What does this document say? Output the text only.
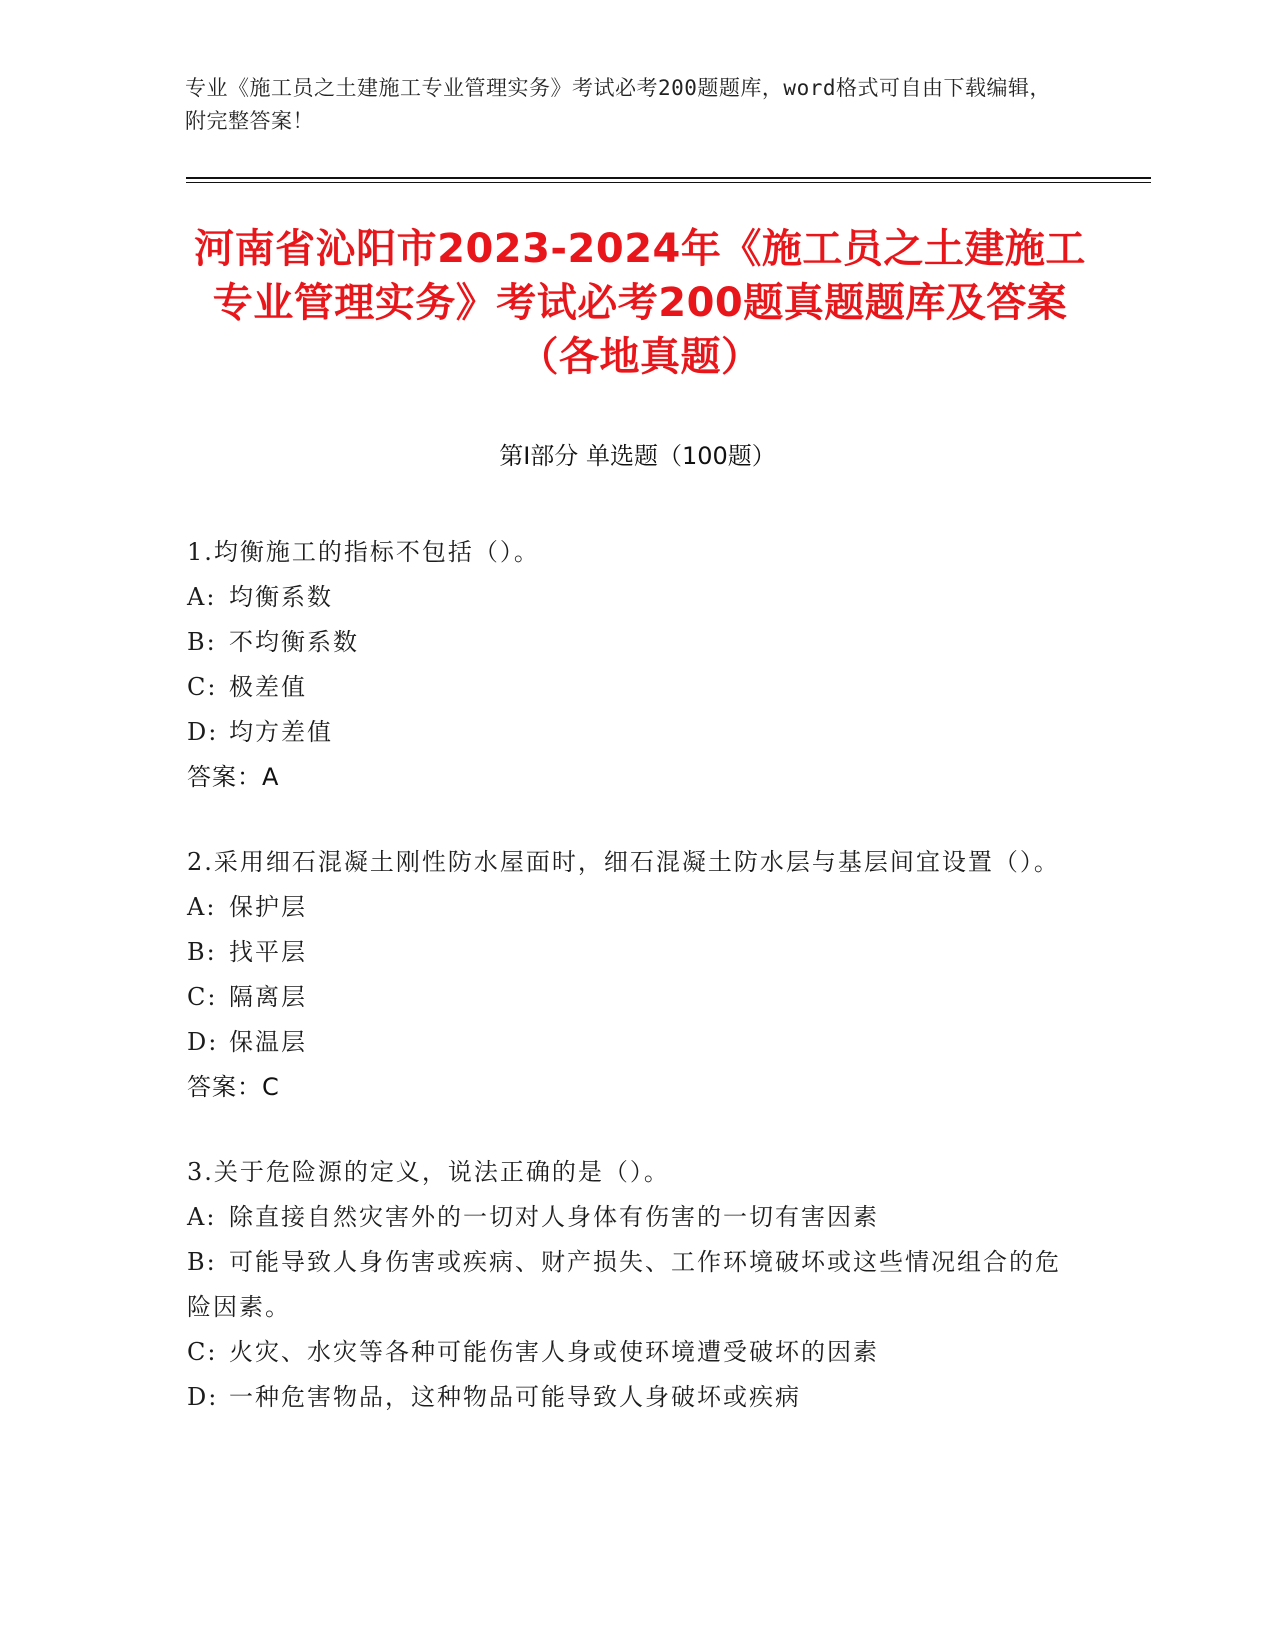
专业《施工员之土建施工专业管理实务》考试必考200题题库，word格式可自由下载编辑，附完整答案！
河南省沁阳市2023-2024年《施工员之土建施工专业管理实务》考试必考200题真题题库及答案（各地真题）
第Ⅰ部分 单选题（100题）
1.均衡施工的指标不包括（）。
A: 均衡系数
B: 不均衡系数
C: 极差值
D: 均方差值
答案：A
2.采用细石混凝土刚性防水屋面时，细石混凝土防水层与基层间宜设置（）。
A: 保护层
B: 找平层
C: 隔离层
D: 保温层
答案：C
3.关于危险源的定义，说法正确的是（）。
A: 除直接自然灾害外的一切对人身体有伤害的一切有害因素
B: 可能导致人身伤害或疾病、财产损失、工作环境破坏或这些情况组合的危险因素。
C: 火灾、水灾等各种可能伤害人身或使环境遭受破坏的因素
D: 一种危害物品，这种物品可能导致人身破坏或疾病
